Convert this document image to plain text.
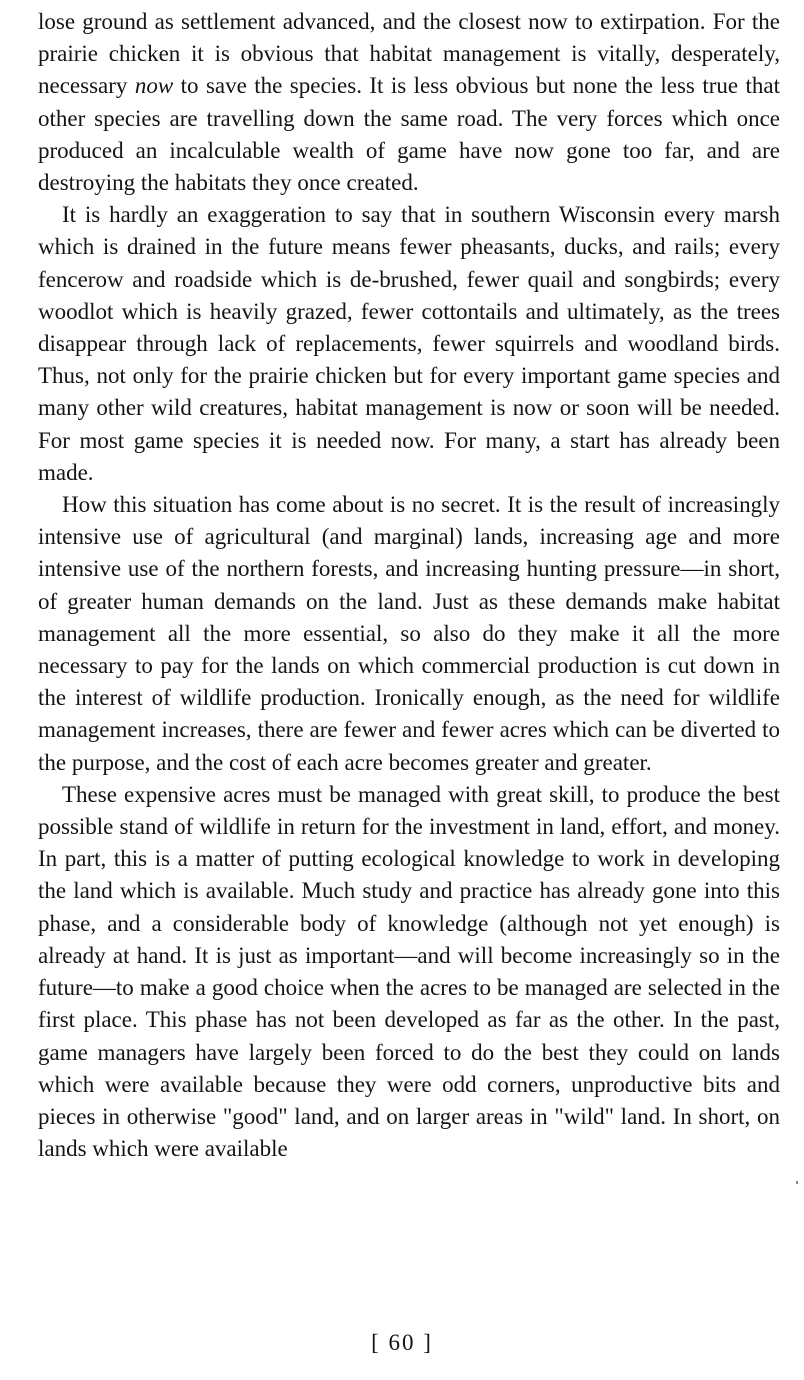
lose ground as settlement advanced, and the closest now to extirpation. For the prairie chicken it is obvious that habitat management is vitally, desperately, necessary now to save the species. It is less obvious but none the less true that other species are travelling down the same road. The very forces which once produced an incalculable wealth of game have now gone too far, and are destroying the habitats they once created.

It is hardly an exaggeration to say that in southern Wisconsin every marsh which is drained in the future means fewer pheasants, ducks, and rails; every fencerow and roadside which is de-brushed, fewer quail and songbirds; every woodlot which is heavily grazed, fewer cottontails and ultimately, as the trees disappear through lack of replacements, fewer squirrels and woodland birds. Thus, not only for the prairie chicken but for every important game species and many other wild creatures, habitat management is now or soon will be needed. For most game species it is needed now. For many, a start has already been made.

How this situation has come about is no secret. It is the result of increasingly intensive use of agricultural (and marginal) lands, increasing age and more intensive use of the northern forests, and increasing hunting pressure—in short, of greater human demands on the land. Just as these demands make habitat management all the more essential, so also do they make it all the more necessary to pay for the lands on which commercial production is cut down in the interest of wildlife production. Ironically enough, as the need for wildlife management increases, there are fewer and fewer acres which can be diverted to the purpose, and the cost of each acre becomes greater and greater.

These expensive acres must be managed with great skill, to produce the best possible stand of wildlife in return for the investment in land, effort, and money. In part, this is a matter of putting ecological knowledge to work in developing the land which is available. Much study and practice has already gone into this phase, and a considerable body of knowledge (although not yet enough) is already at hand. It is just as important—and will become increasingly so in the future—to make a good choice when the acres to be managed are selected in the first place. This phase has not been developed as far as the other. In the past, game managers have largely been forced to do the best they could on lands which were available because they were odd corners, unproductive bits and pieces in otherwise "good" land, and on larger areas in "wild" land. In short, on lands which were available

[ 60 ]
